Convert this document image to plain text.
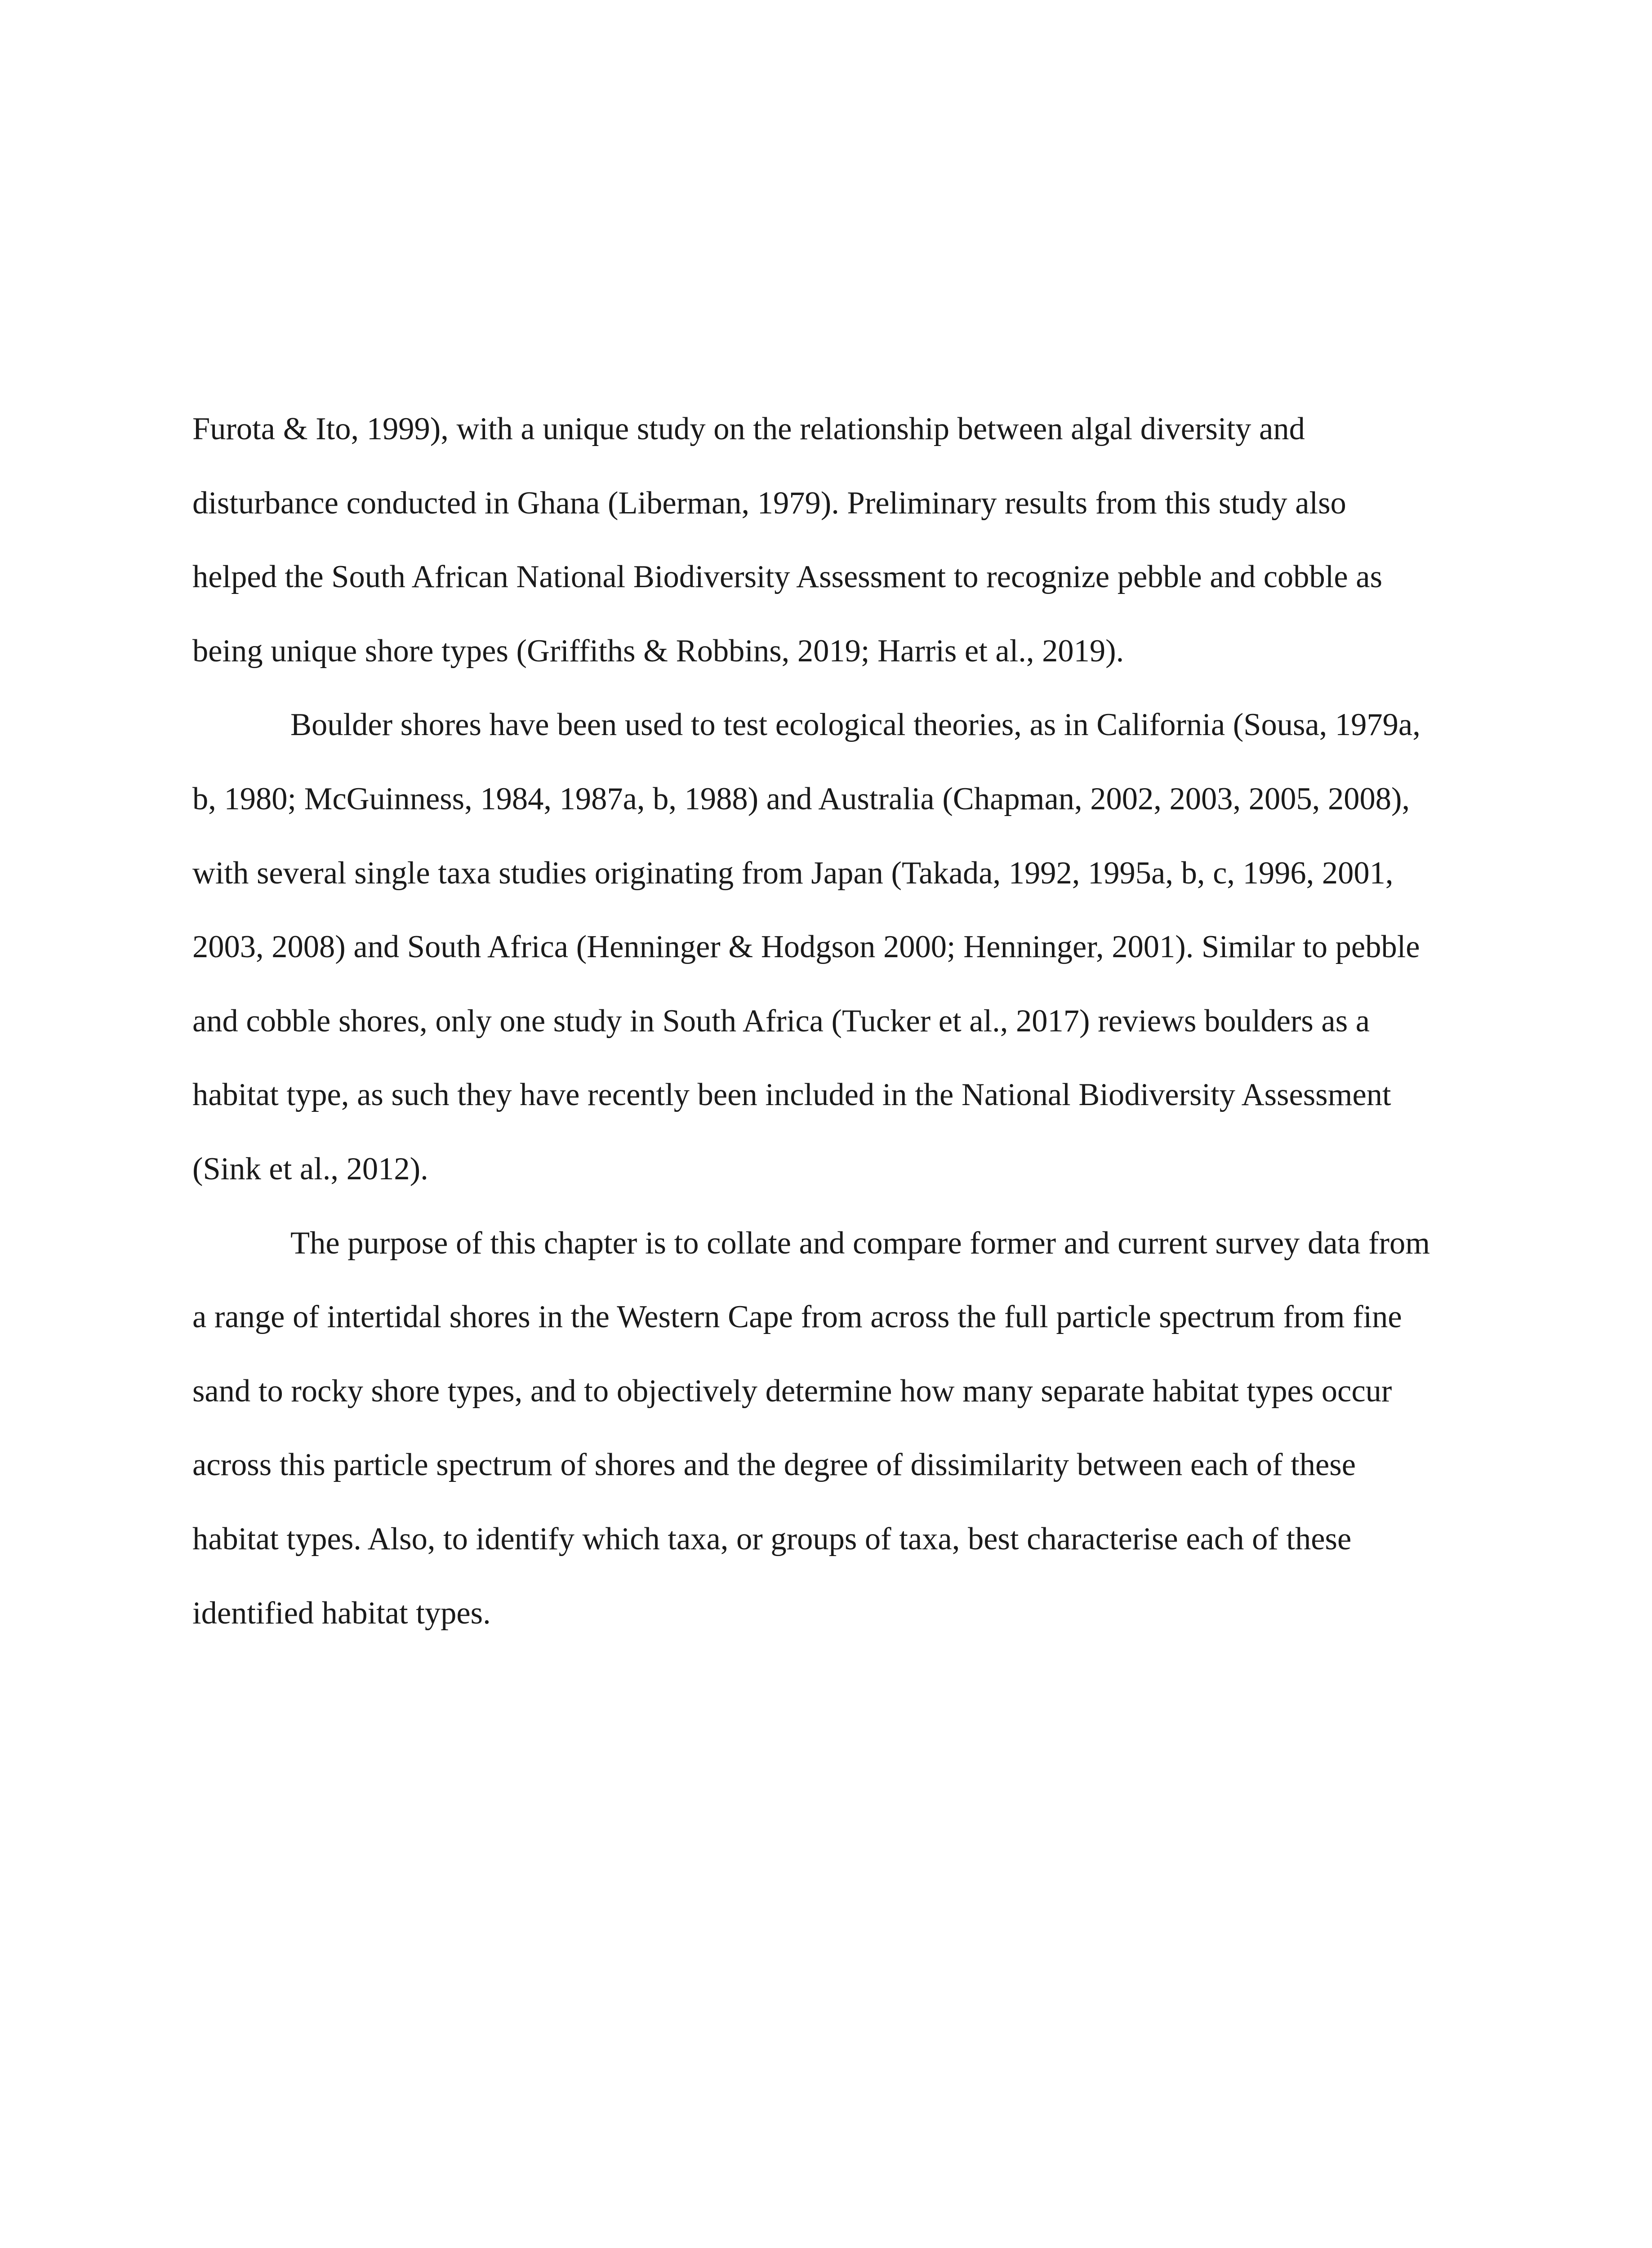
Furota & Ito, 1999), with a unique study on the relationship between algal diversity and
disturbance conducted in Ghana (Liberman, 1979). Preliminary results from this study also
helped the South African National Biodiversity Assessment to recognize pebble and cobble as
being unique shore types (Griffiths & Robbins, 2019; Harris et al., 2019).
Boulder shores have been used to test ecological theories, as in California (Sousa, 1979a,
b, 1980; McGuinness, 1984, 1987a, b, 1988) and Australia (Chapman, 2002, 2003, 2005, 2008),
with several single taxa studies originating from Japan (Takada, 1992, 1995a, b, c, 1996, 2001,
2003, 2008) and South Africa (Henninger & Hodgson 2000; Henninger, 2001). Similar to pebble
and cobble shores, only one study in South Africa (Tucker et al., 2017) reviews boulders as a
habitat type, as such they have recently been included in the National Biodiversity Assessment
(Sink et al., 2012).
The purpose of this chapter is to collate and compare former and current survey data from
a range of intertidal shores in the Western Cape from across the full particle spectrum from fine
sand to rocky shore types, and to objectively determine how many separate habitat types occur
across this particle spectrum of shores and the degree of dissimilarity between each of these
habitat types. Also, to identify which taxa, or groups of taxa, best characterise each of these
identified habitat types.
